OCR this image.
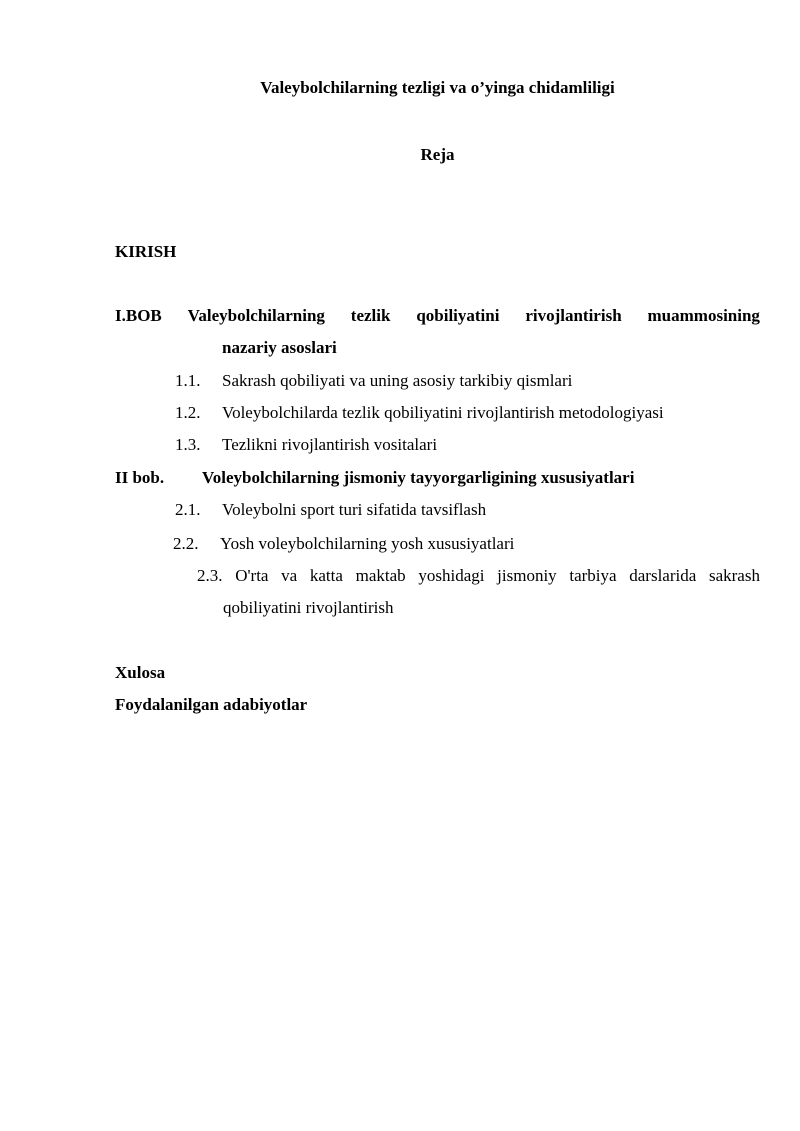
Valeybolchilarning tezligi va o’yinga chidamliligi
Reja
KIRISH
I.BOB Valeybolchilarning tezlik qobiliyatini rivojlantirish muammosining
nazariy asoslari
1.1. Sakrash qobiliyati va uning asosiy tarkibiy qismlari
1.2. Voleybolchilarda tezlik qobiliyatini rivojlantirish metodologiyasi
1.3. Tezlikni rivojlantirish vositalari
II bob. Voleybolchilarning jismoniy tayyorgarligining xususiyatlari
2.1. Voleybolni sport turi sifatida tavsiflash
2.2. Yosh voleybolchilarning yosh xususiyatlari
2.3. O'rta va katta maktab yoshidagi jismoniy tarbiya darslarida sakrash
qobiliyatini rivojlantirish
Xulosa
Foydalanilgan adabiyotlar
